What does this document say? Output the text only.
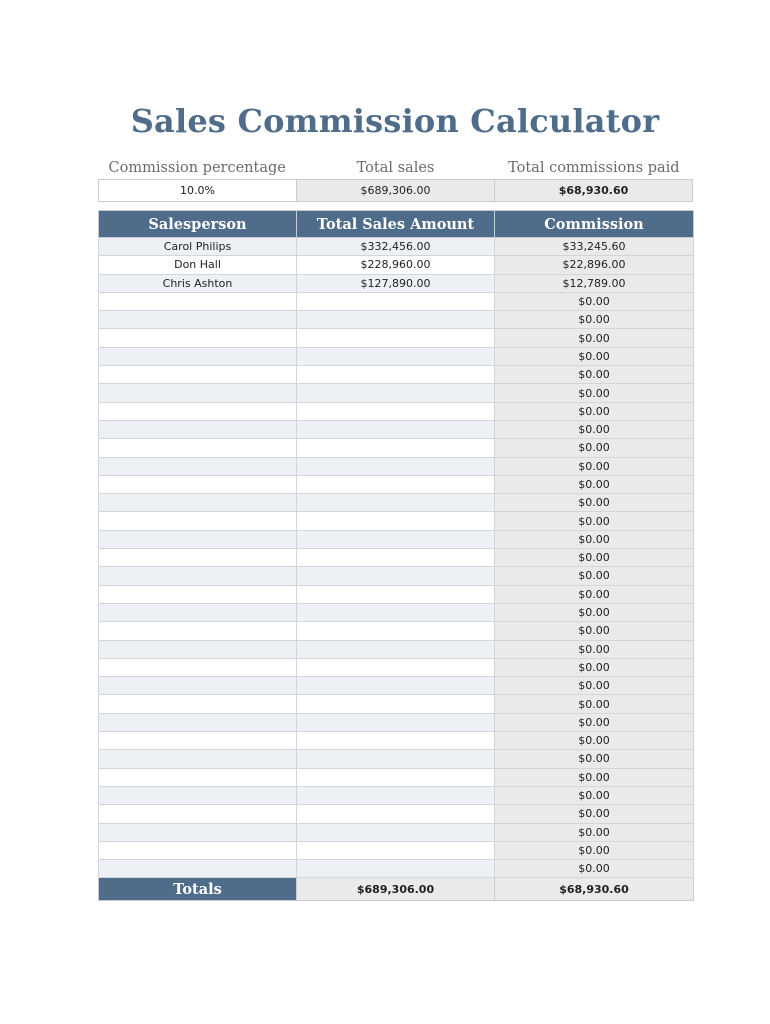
Sales Commission Calculator
Commission percentage	Total sales	Total commissions paid
10.0%	$689,306.00	$68,930.60
Salesperson	Total Sales Amount	Commission
Carol Philips	$332,456.00	$33,245.60
Don Hall	$228,960.00	$22,896.00
Chris Ashton	$127,890.00	$12,789.00
		$0.00
		$0.00
		$0.00
		$0.00
		$0.00
		$0.00
		$0.00
		$0.00
		$0.00
		$0.00
		$0.00
		$0.00
		$0.00
		$0.00
		$0.00
		$0.00
		$0.00
		$0.00
		$0.00
		$0.00
		$0.00
		$0.00
		$0.00
		$0.00
		$0.00
		$0.00
		$0.00
		$0.00
		$0.00
		$0.00
		$0.00
		$0.00
Totals	$689,306.00	$68,930.60
